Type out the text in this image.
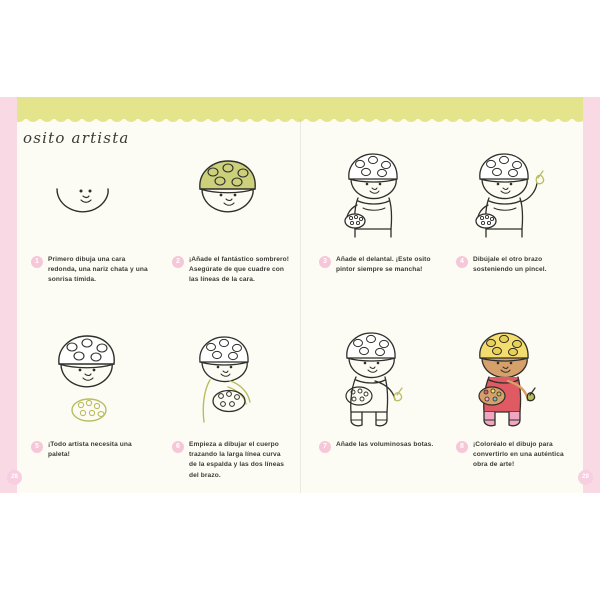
28	29
osito artista
1	Primero dibuja una cara redonda, una nariz chata y una sonrisa tímida.
2	¡Añade el fantástico sombrero! Asegúrate de que cuadre con las líneas de la cara.
3	Añade el delantal. ¡Este osito pintor siempre se mancha!
4	Dibújale el otro brazo sosteniendo un pincel.
5	¡Todo artista necesita una paleta!
6	Empieza a dibujar el cuerpo trazando la larga línea curva de la espalda y las dos líneas del brazo.
7	Añade las voluminosas botas.	8	¡Coloréalo el dibujo para convertirlo en una auténtica obra de arte!
